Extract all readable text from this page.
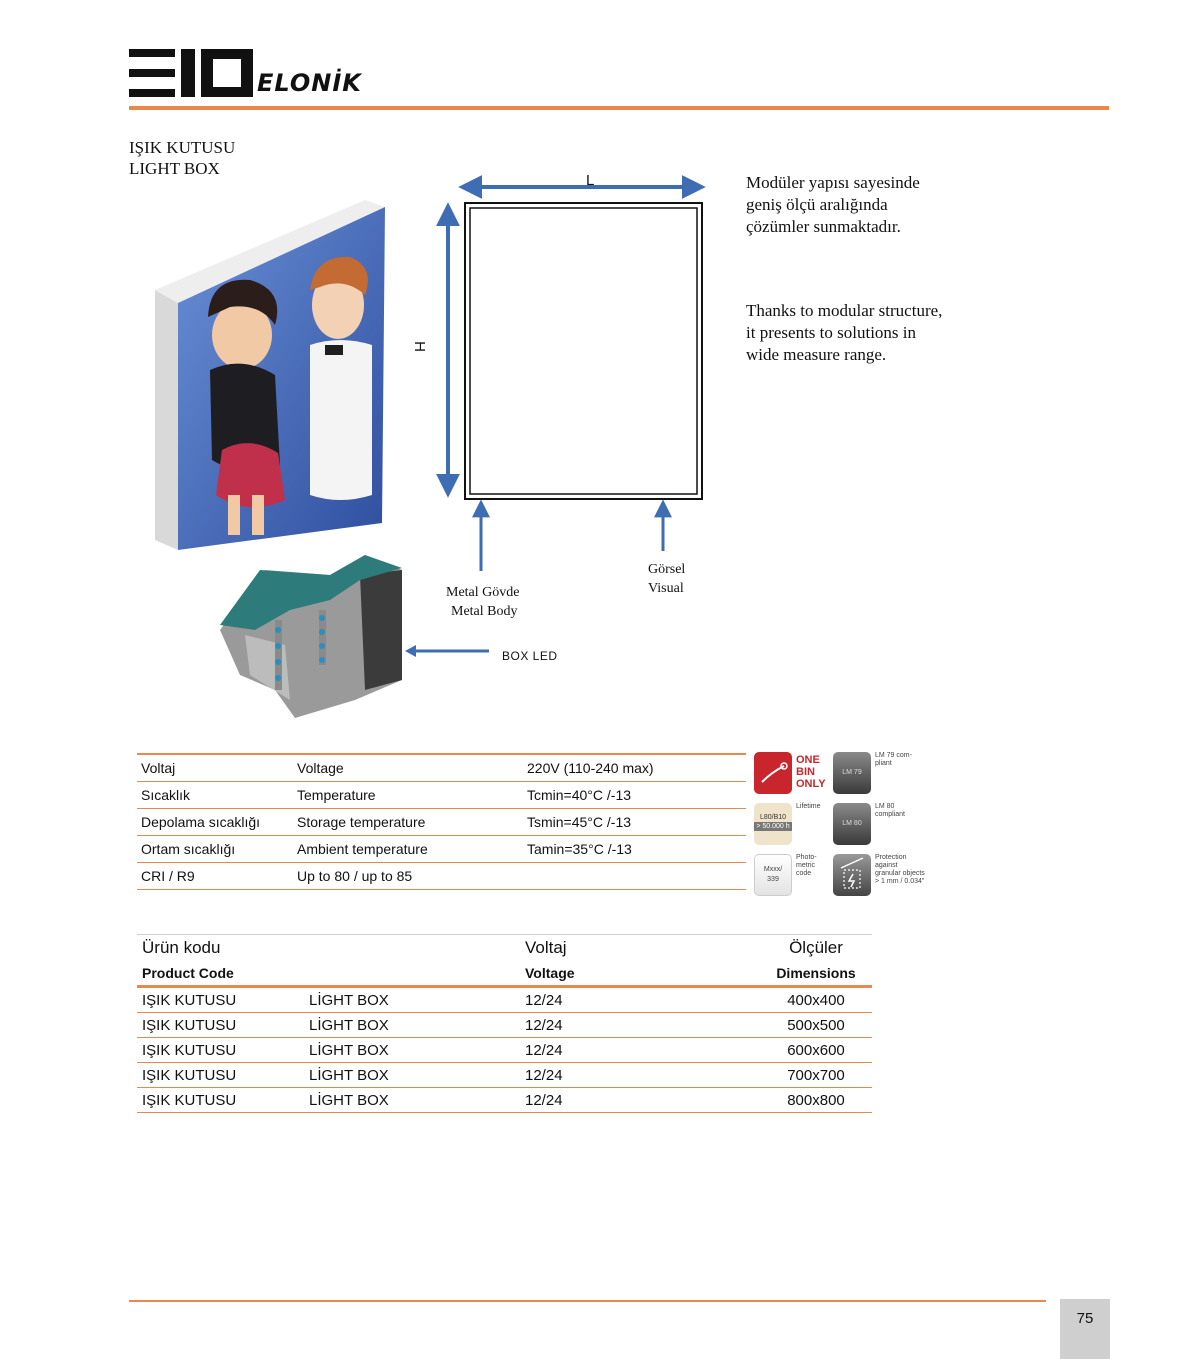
ELONİK
IŞIK KUTUSU
LIGHT BOX
L
H
Metal Gövde
Metal Body
Görsel
Visual
BOX LED
Modüler yapısı sayesinde
geniş ölçü aralığında
çözümler sunmaktadır.
Thanks to modular structure,
it presents to solutions in
wide measure range.
Voltaj	Voltage	220V (110-240 max)
Sıcaklık	Temperature	Tcmin=40°C /-13
Depolama sıcaklığı	Storage temperature	Tsmin=45°C /-13
Ortam sıcaklığı	Ambient temperature	Tamin=35°C /-13
CRI / R9	Up to 80 / up to 85	
ONE
BIN
ONLY
LM 79
LM 79 com-
pliant
L80/B10
> 50.000 h
Lifetime
LM 80
LM 80
compliant
Mxxx/
339
Photo-
metric
code
Protection
against
granular objects
> 1 mm / 0.034"
Ürün kodu		Voltaj	Ölçüler
Product Code		Voltage	Dimensions
IŞIK KUTUSU	LİGHT BOX	12/24	400x400
IŞIK KUTUSU	LİGHT BOX	12/24	500x500
IŞIK KUTUSU	LİGHT BOX	12/24	600x600
IŞIK KUTUSU	LİGHT BOX	12/24	700x700
IŞIK KUTUSU	LİGHT BOX	12/24	800x800
75
